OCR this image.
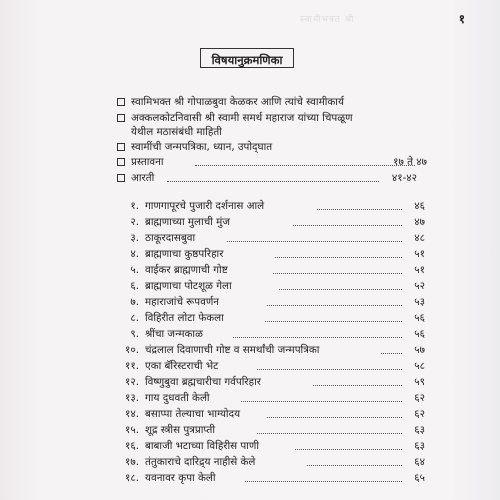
स्वामीभक्त श्री	१
विषयानुक्रमणिका
स्वामिभक्त श्री गोपाळबुवा केळकर आणि त्यांचे स्वामीकार्य
अक्कलकोटनिवासी श्री स्वामी समर्थ महाराज यांच्या चिपळूण
येथील मठासंबंधी माहिती
स्वामींची जन्मपत्रिका, ध्यान, उपोद्‌घात
प्रस्तावना	१७ ते ४७
आरती	४१-४२
१. गाणगापूरचे पुजारी दर्शनास आले	४६
२. ब्राह्मणाच्या मुलाची मुंज	४७
३. ठाकूरदासबुवा	४८
४. ब्राह्मणाचा कुष्ठपरिहार	५१
५. वाईकर ब्राह्मणाची गोष्ट	५१
६. ब्राह्मणाचा पोटशूळ गेला	५२
७. महाराजांचे रूपवर्णन	५३
८. विहिरीत लोटा फेकला	५६
९. श्रींचा जन्मकाळ	५६
१०. चंद्रलाल दिवाणाची गोष्ट व समर्थांची जन्मपत्रिका	५७
११. एका बॅरिस्टराची भेट	५८
१२. विष्णुबुवा ब्रह्मचारीचा गर्वपरिहार	५९
१३. गाय दुधवती केली	६२
१४. बसाप्पा तेल्याचा भाग्योदय	६२
१५. शूद्र स्त्रीस पुत्रप्राप्ती	६३
१६. बाबाजी भटाच्या विहिरीस पाणी	६३
१७. तंतुकाराचे दारिद्र्य नाहीसे केले	६४
१८. यवनावर कृपा केली	६५
